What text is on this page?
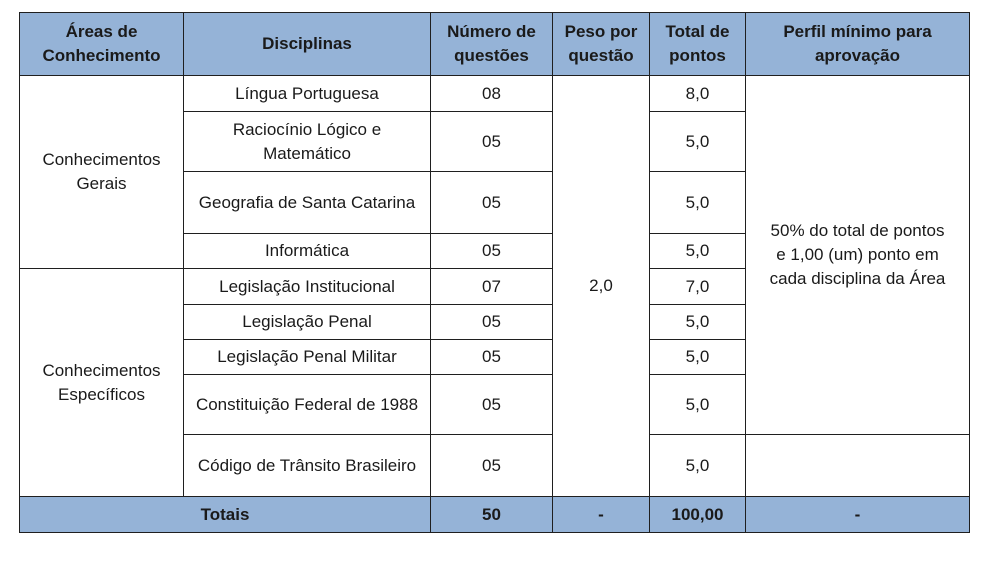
Áreas de Conhecimento	Disciplinas	Número de questões	Peso por questão	Total de pontos	Perfil mínimo para aprovação
Conhecimentos Gerais	Língua Portuguesa	08	2,0	8,0	50% do total de pontos
e 1,00 (um) ponto em
cada disciplina da Área

	Raciocínio Lógico e Matemático	05		5,0	
	Geografia de Santa Catarina	05		5,0	
	Informática	05		5,0	
Conhecimentos Específicos	Legislação Institucional	07		7,0	
	Legislação Penal	05		5,0	
	Legislação Penal Militar	05		5,0	
	Constituição Federal de 1988	05		5,0	
	Código de Trânsito Brasileiro	05		5,0	
Totais		50	-	100,00	-
